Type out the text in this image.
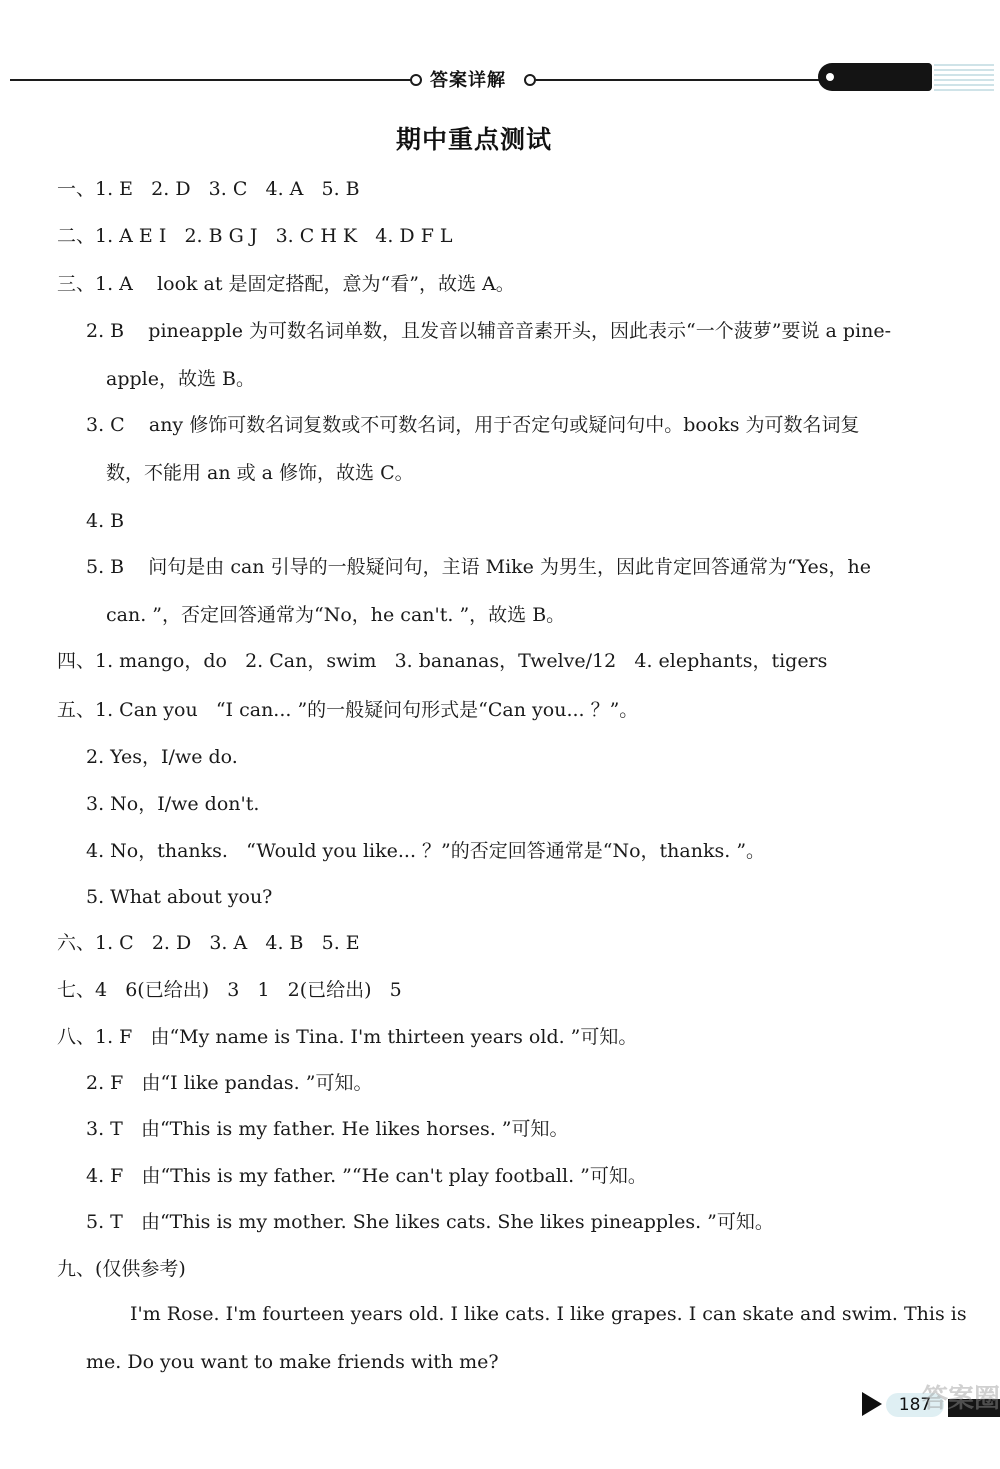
答案详解
期中重点测试
一、1. E   2. D   3. C   4. A   5. B
二、1. A E I   2. B G J   3. C H K   4. D F L
三、1. A    look at 是固定搭配，意为“看”，故选 A。
2. B    pineapple 为可数名词单数，且发音以辅音音素开头，因此表示“一个菠萝”要说 a pine-
apple，故选 B。
3. C    any 修饰可数名词复数或不可数名词，用于否定句或疑问句中。books 为可数名词复
数，不能用 an 或 a 修饰，故选 C。
4. B
5. B    问句是由 can 引导的一般疑问句，主语 Mike 为男生，因此肯定回答通常为“Yes，he
can. ”，否定回答通常为“No，he can't. ”，故选 B。
四、1. mango，do   2. Can，swim   3. bananas，Twelve/12   4. elephants，tigers
五、1. Can you   “I can... ”的一般疑问句形式是“Can you... ？”。
2. Yes，I/we do.
3. No，I/we don't.
4. No，thanks.   “Would you like... ？”的否定回答通常是“No，thanks. ”。
5. What about you?
六、1. C   2. D   3. A   4. B   5. E
七、4   6(已给出)   3   1   2(已给出)   5
八、1. F   由“My name is Tina. I'm thirteen years old. ”可知。
2. F   由“I like pandas. ”可知。
3. T   由“This is my father. He likes horses. ”可知。
4. F   由“This is my father. ”“He can't play football. ”可知。
5. T   由“This is my mother. She likes cats. She likes pineapples. ”可知。
九、(仅供参考)
I'm Rose. I'm fourteen years old. I like cats. I like grapes. I can skate and swim. This is
me. Do you want to make friends with me?
187
答案圈
